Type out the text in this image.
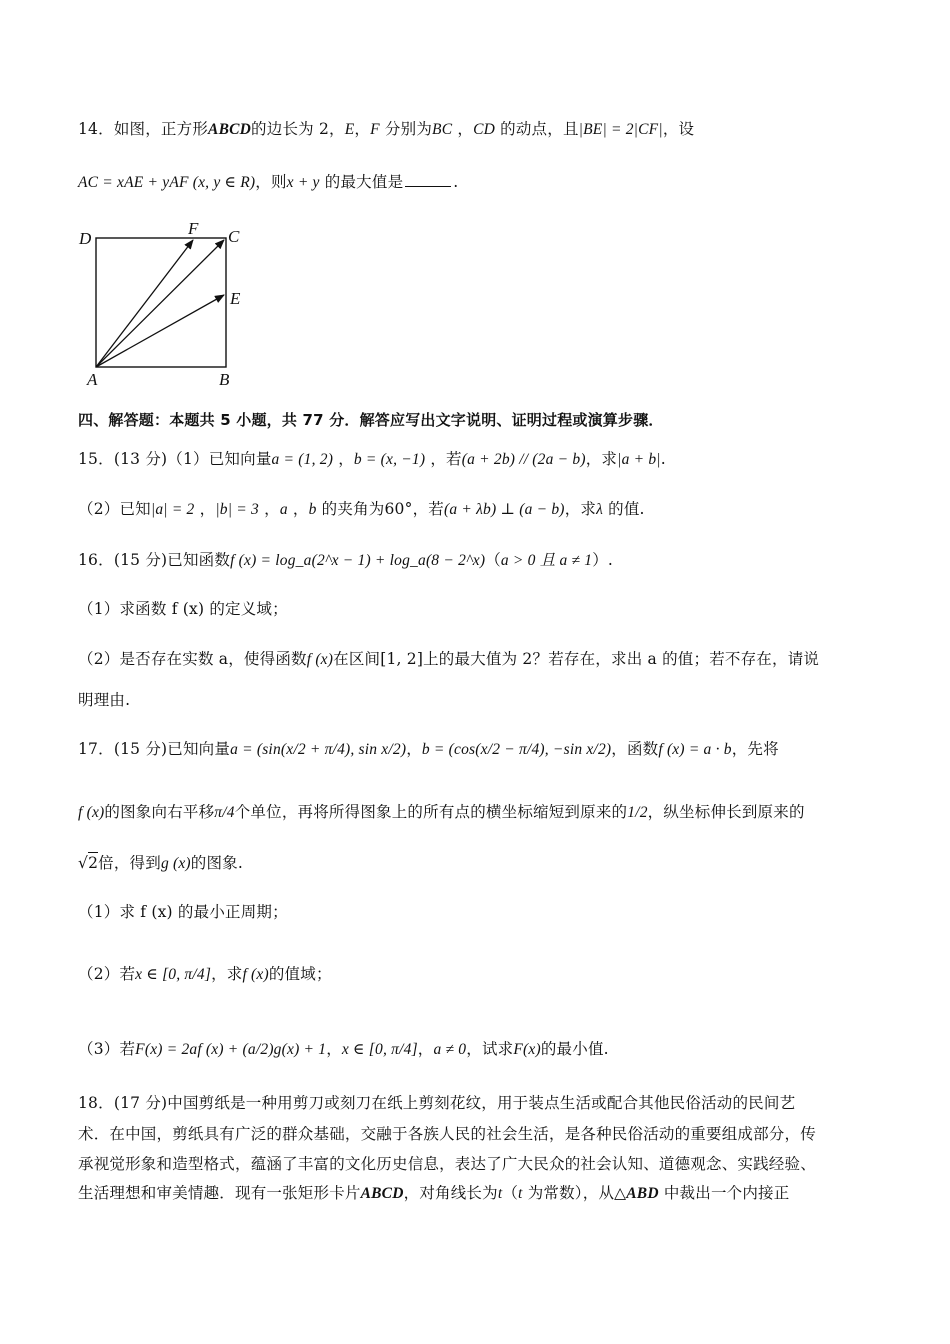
14．如图，正方形ABCD的边长为 2，E，F 分别为BC ，CD 的动点，且|BE| = 2|CF|，设
AC = xAE + yAF (x, y ∈ R)，则x + y 的最大值是	.
D
F C
E
A	B
四、解答题：本题共 5 小题，共 77 分．解答应写出文字说明、证明过程或演算步骤．
15．(13 分)（1）已知向量a = (1, 2) ，b = (x, −1) ，若(a + 2b) // (2a − b)，求|a + b|.
（2）已知|a| = 2 ，|b| = 3 ，a ，b 的夹角为60°，若(a + λb) ⊥ (a − b)，求λ 的值.
16．(15 分)已知函数f (x) = log_a(2^x − 1) + log_a(8 − 2^x)（a > 0 且 a ≠ 1）.
（1）求函数 f (x) 的定义域；
（2）是否存在实数 a，使得函数f (x)在区间[1, 2]上的最大值为 2？若存在，求出 a 的值；若不存在，请说
明理由.
17．(15 分)已知向量a = (sin(x/2 + π/4), sin x/2)，b = (cos(x/2 − π/4), −sin x/2)，函数f (x) = a · b，先将
f (x)的图象向右平移π/4个单位，再将所得图象上的所有点的横坐标缩短到原来的1/2，纵坐标伸长到原来的
√2倍，得到g (x)的图象.
（1）求 f (x) 的最小正周期；
（2）若x ∈ [0, π/4]，求f (x)的值域；
（3）若F(x) = 2af (x) + (a/2)g(x) + 1，x ∈ [0, π/4]，a ≠ 0，试求F(x)的最小值.
18．(17 分)中国剪纸是一种用剪刀或刻刀在纸上剪刻花纹，用于装点生活或配合其他民俗活动的民间艺
术．在中国，剪纸具有广泛的群众基础，交融于各族人民的社会生活，是各种民俗活动的重要组成部分，传
承视觉形象和造型格式，蕴涵了丰富的文化历史信息，表达了广大民众的社会认知、道德观念、实践经验、
生活理想和审美情趣．现有一张矩形卡片ABCD，对角线长为t（t 为常数），从△ABD 中裁出一个内接正
